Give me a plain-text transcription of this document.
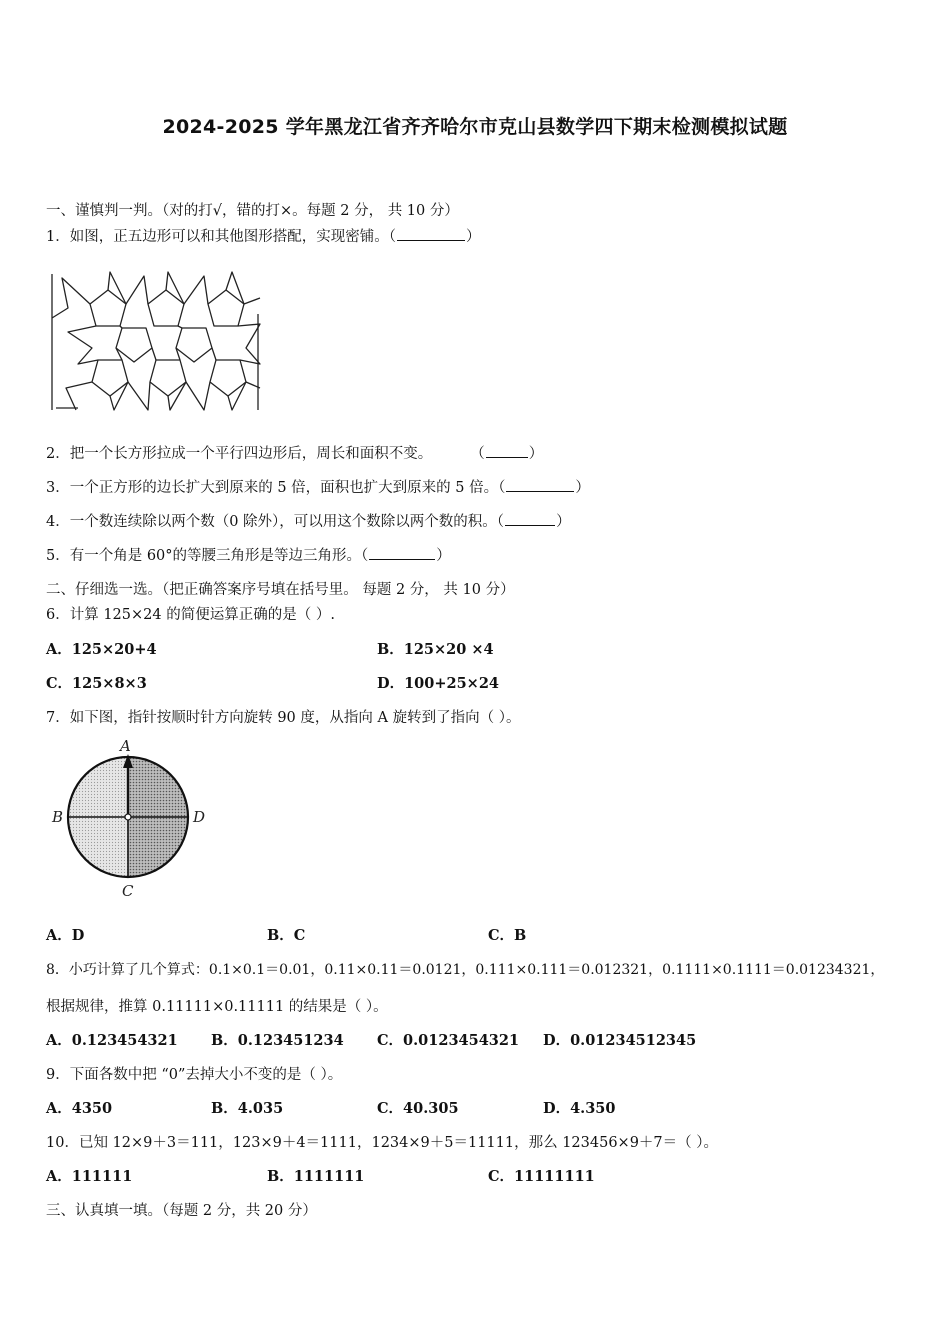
2024-2025 学年黑龙江省齐齐哈尔市克山县数学四下期末检测模拟试题
一、谨慎判一判。（对的打√，错的打×。每题 2 分， 共 10 分）
1．如图，正五边形可以和其他图形搭配，实现密铺。（	）
2．把一个长方形拉成一个平行四边形后，周长和面积不变。	（	）
3．一个正方形的边长扩大到原来的 5 倍，面积也扩大到原来的 5 倍。（	）
4．一个数连续除以两个数（0 除外），可以用这个数除以两个数的积。（	）
5．有一个角是 60°的等腰三角形是等边三角形。（	）
二、仔细选一选。（把正确答案序号填在括号里。 每题 2 分， 共 10 分）
6．计算 125×24 的简便运算正确的是（ ）.
A．125×20+4	B．125×20 ×4
C．125×8×3	D．100+25×24
7．如下图，指针按顺时针方向旋转 90 度，从指向 A 旋转到了指向（ ）。
A
B
C
D
A．D	B．C	C．B
8．小巧计算了几个算式：0.1×0.1＝0.01，0.11×0.11＝0.0121，0.111×0.111＝0.012321，0.1111×0.1111＝0.01234321，
根据规律，推算 0.11111×0.11111 的结果是（ ）。
A．0.123454321 B．0.123451234 C．0.0123454321 D．0.01234512345
9．下面各数中把 “0”去掉大小不变的是（ ）。
A．4350	B．4.035	C．40.305	D．4.350
10．已知 12×9＋3＝111，123×9＋4＝1111，1234×9＋5＝11111，那么 123456×9＋7＝（ ）。
A．111111	B．1111111	C．11111111
三、认真填一填。（每题 2 分，共 20 分）
